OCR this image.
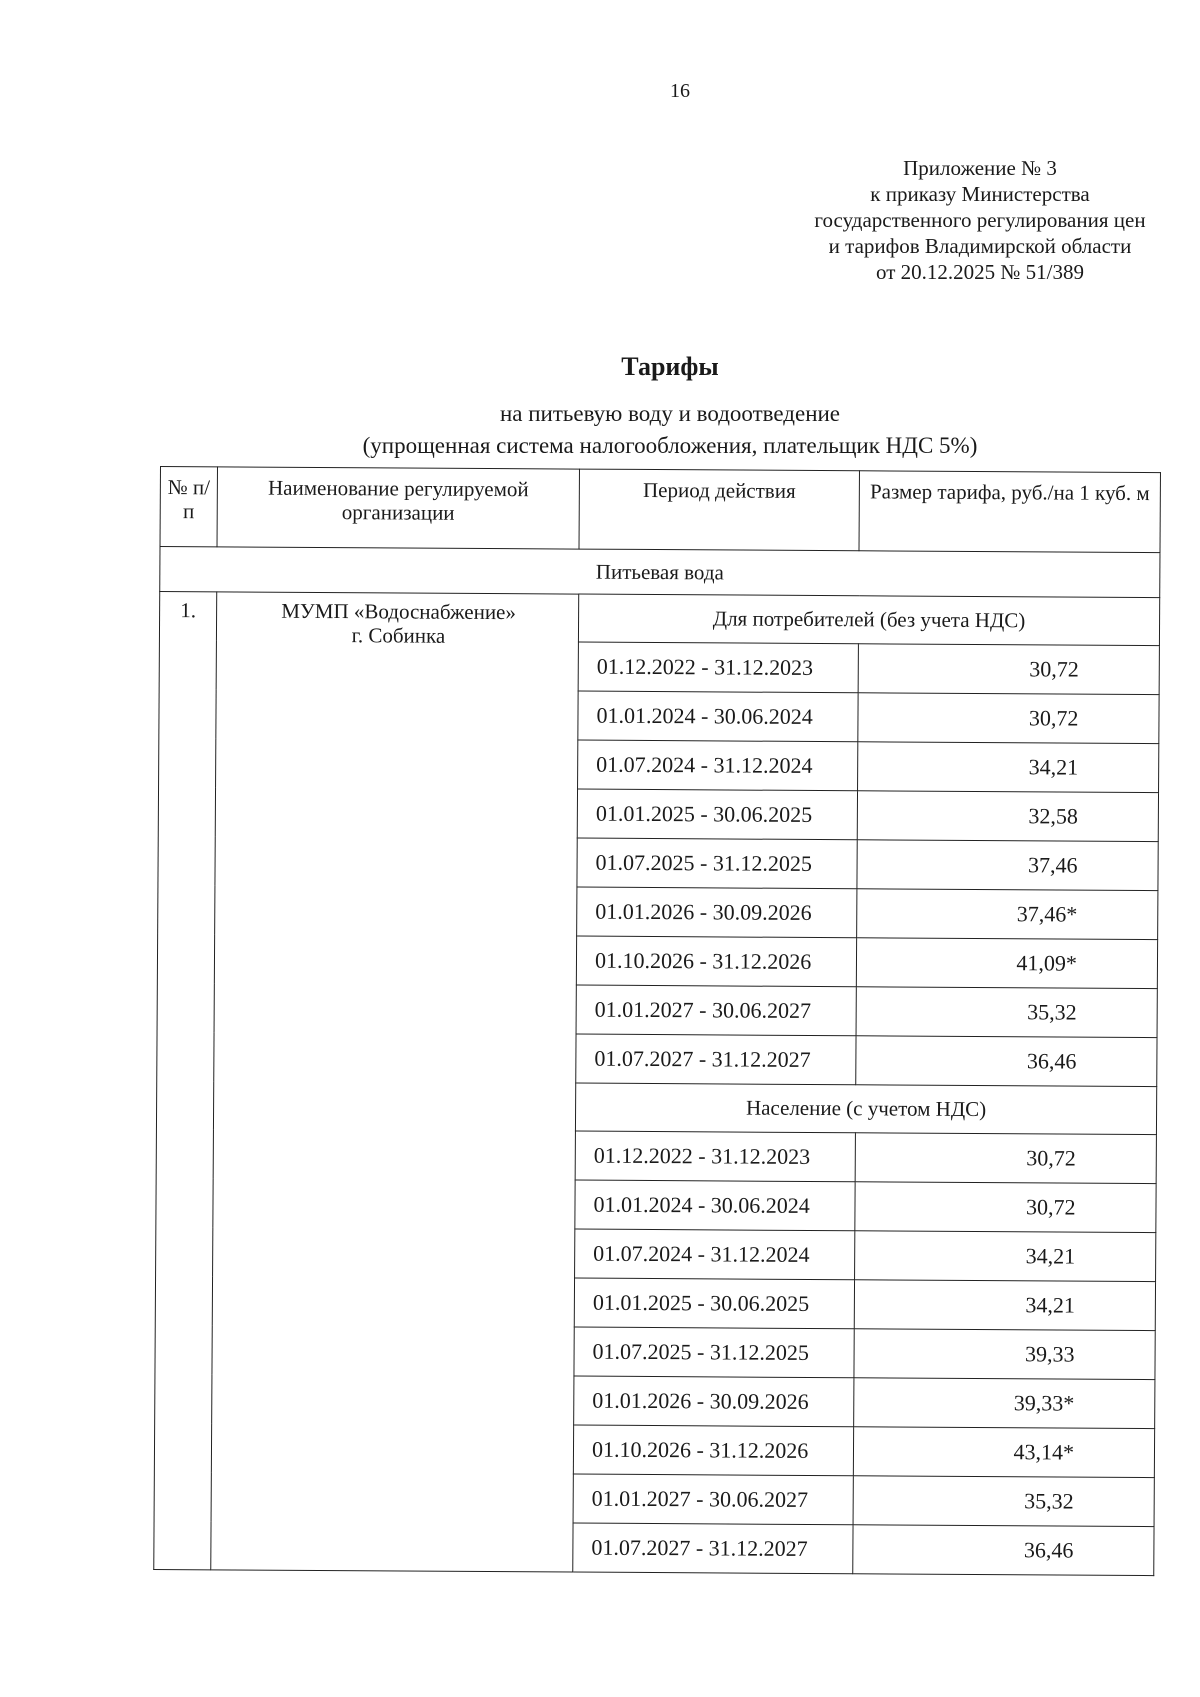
16
Приложение № 3
к приказу Министерства
государственного регулирования цен
и тарифов Владимирской области
от 20.12.2025 № 51/389
Тарифы
на питьевую воду и водоотведение
(упрощенная система налогообложения, плательщик НДС 5%)
№ п/п	Наименование регулируемой организации	Период действия	Размер тарифа, руб./на 1 куб. м
Питьевая вода			
1.	МУМП «Водоснабжение»
г. Собинка	Для потребителей (без учета НДС)	
		01.12.2022 - 31.12.2023	30,72
		01.01.2024 - 30.06.2024	30,72
		01.07.2024 - 31.12.2024	34,21
		01.01.2025 - 30.06.2025	32,58
		01.07.2025 - 31.12.2025	37,46
		01.01.2026 - 30.09.2026	37,46*
		01.10.2026 - 31.12.2026	41,09*
		01.01.2027 - 30.06.2027	35,32
		01.07.2027 - 31.12.2027	36,46
		Население (с учетом НДС)	
		01.12.2022 - 31.12.2023	30,72
		01.01.2024 - 30.06.2024	30,72
		01.07.2024 - 31.12.2024	34,21
		01.01.2025 - 30.06.2025	34,21
		01.07.2025 - 31.12.2025	39,33
		01.01.2026 - 30.09.2026	39,33*
		01.10.2026 - 31.12.2026	43,14*
		01.01.2027 - 30.06.2027	35,32
		01.07.2027 - 31.12.2027	36,46
